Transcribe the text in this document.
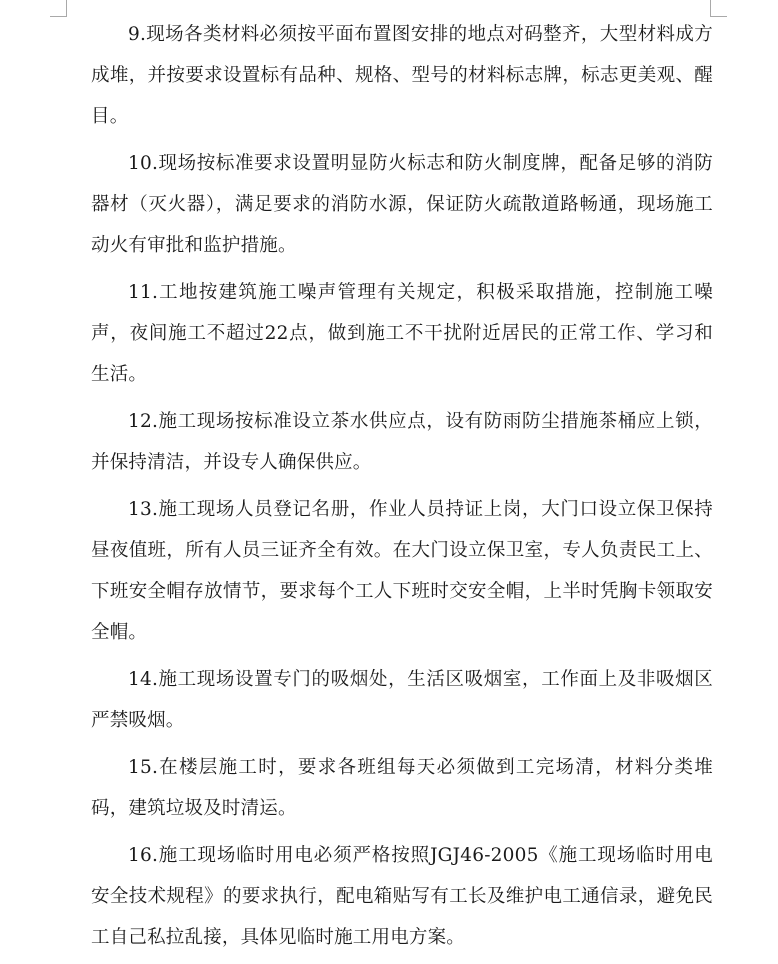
9.现场各类材料必须按平面布置图安排的地点对码整齐，大型材料成方成堆，并按要求设置标有品种、规格、型号的材料标志牌，标志更美观、醒目。

10.现场按标准要求设置明显防火标志和防火制度牌，配备足够的消防器材（灭火器），满足要求的消防水源，保证防火疏散道路畅通，现场施工动火有审批和监护措施。

11.工地按建筑施工噪声管理有关规定，积极采取措施，控制施工噪声，夜间施工不超过22点，做到施工不干扰附近居民的正常工作、学习和生活。

12.施工现场按标准设立茶水供应点，设有防雨防尘措施茶桶应上锁，并保持清洁，并设专人确保供应。

13.施工现场人员登记名册，作业人员持证上岗，大门口设立保卫保持昼夜值班，所有人员三证齐全有效。在大门设立保卫室，专人负责民工上、下班安全帽存放情节，要求每个工人下班时交安全帽，上半时凭胸卡领取安全帽。

14.施工现场设置专门的吸烟处，生活区吸烟室，工作面上及非吸烟区严禁吸烟。

15.在楼层施工时，要求各班组每天必须做到工完场清，材料分类堆码，建筑垃圾及时清运。

16.施工现场临时用电必须严格按照JGJ46-2005《施工现场临时用电安全技术规程》的要求执行，配电箱贴写有工长及维护电工通信录，避免民工自己私拉乱接，具体见临时施工用电方案。
